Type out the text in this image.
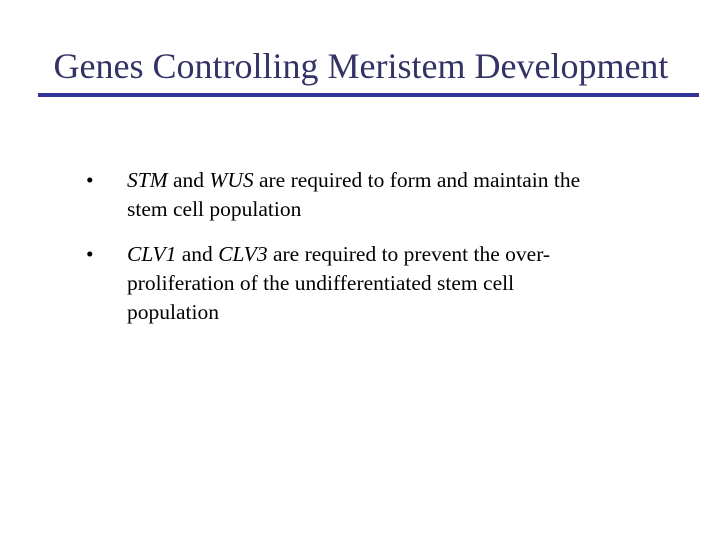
Genes Controlling Meristem Development
• STM and WUS are required to form and maintain the stem cell population
• CLV1 and CLV3 are required to prevent the over-proliferation of the undifferentiated stem cell population
